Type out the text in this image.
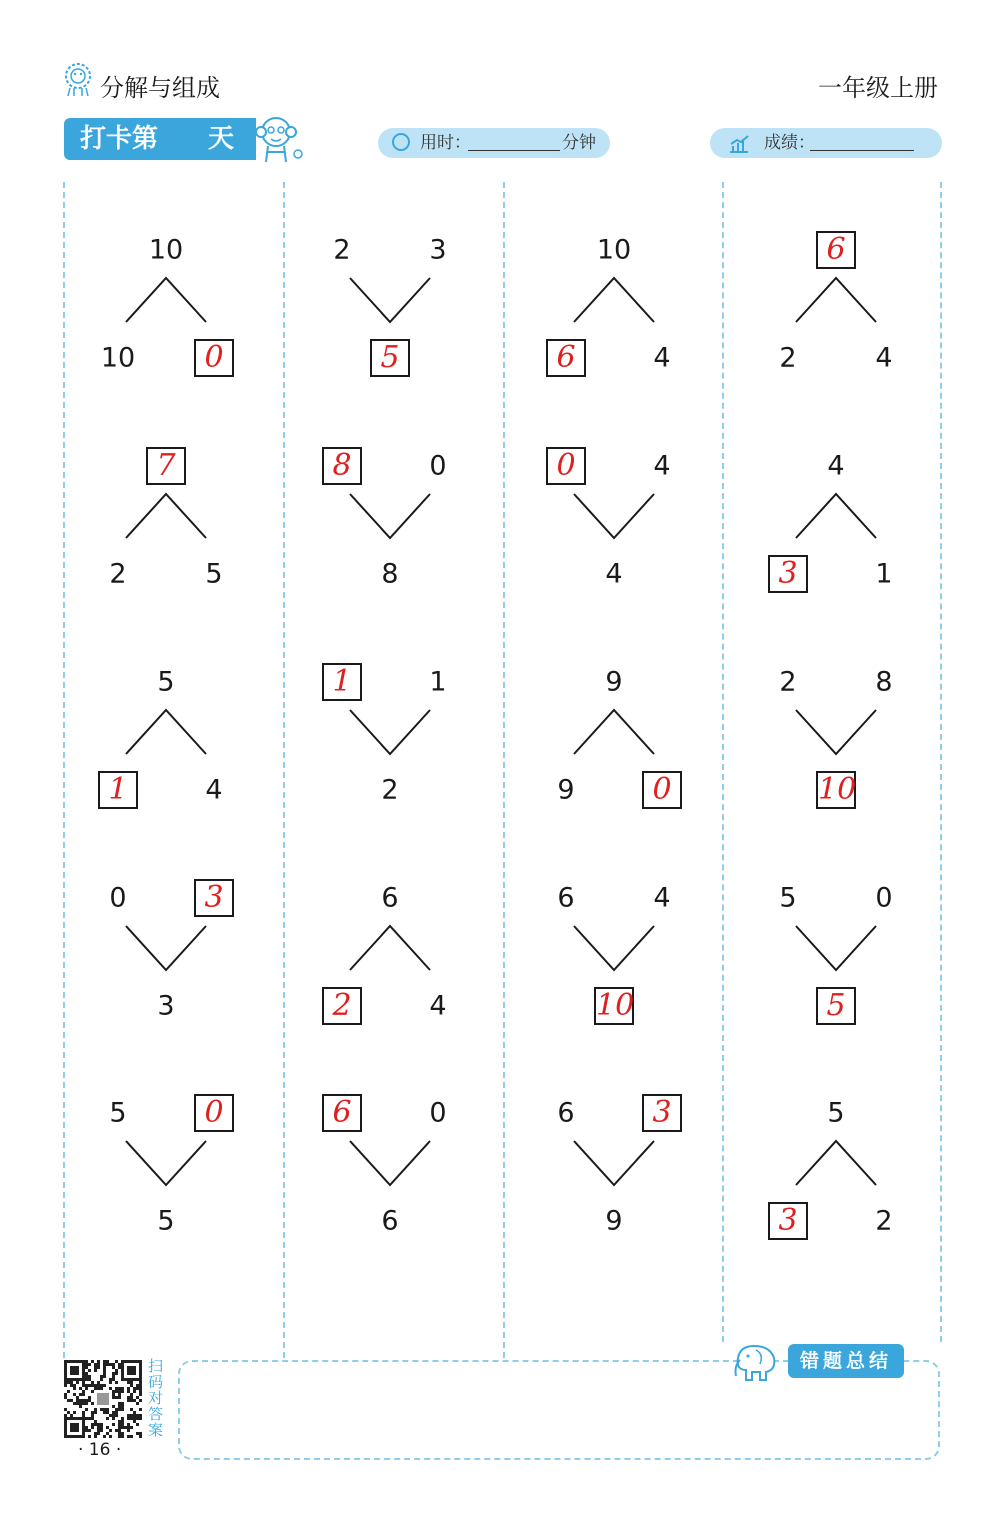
分解与组成	一年级上册
打卡第 天	用时：	分钟	成绩：
10
10	0
7
2	5
5
1	4
0	3
3
5	0
5
2	3
5
8	0
8
1	1
2
6
2	4
6	0
6
10
6	4
0	4
4
9
9	0
6	4
10
6	3
9
6
2	4
4
3	1
2	8
10
5	0
5
5
3	2
错题总结
扫码对答案
· 16 ·
